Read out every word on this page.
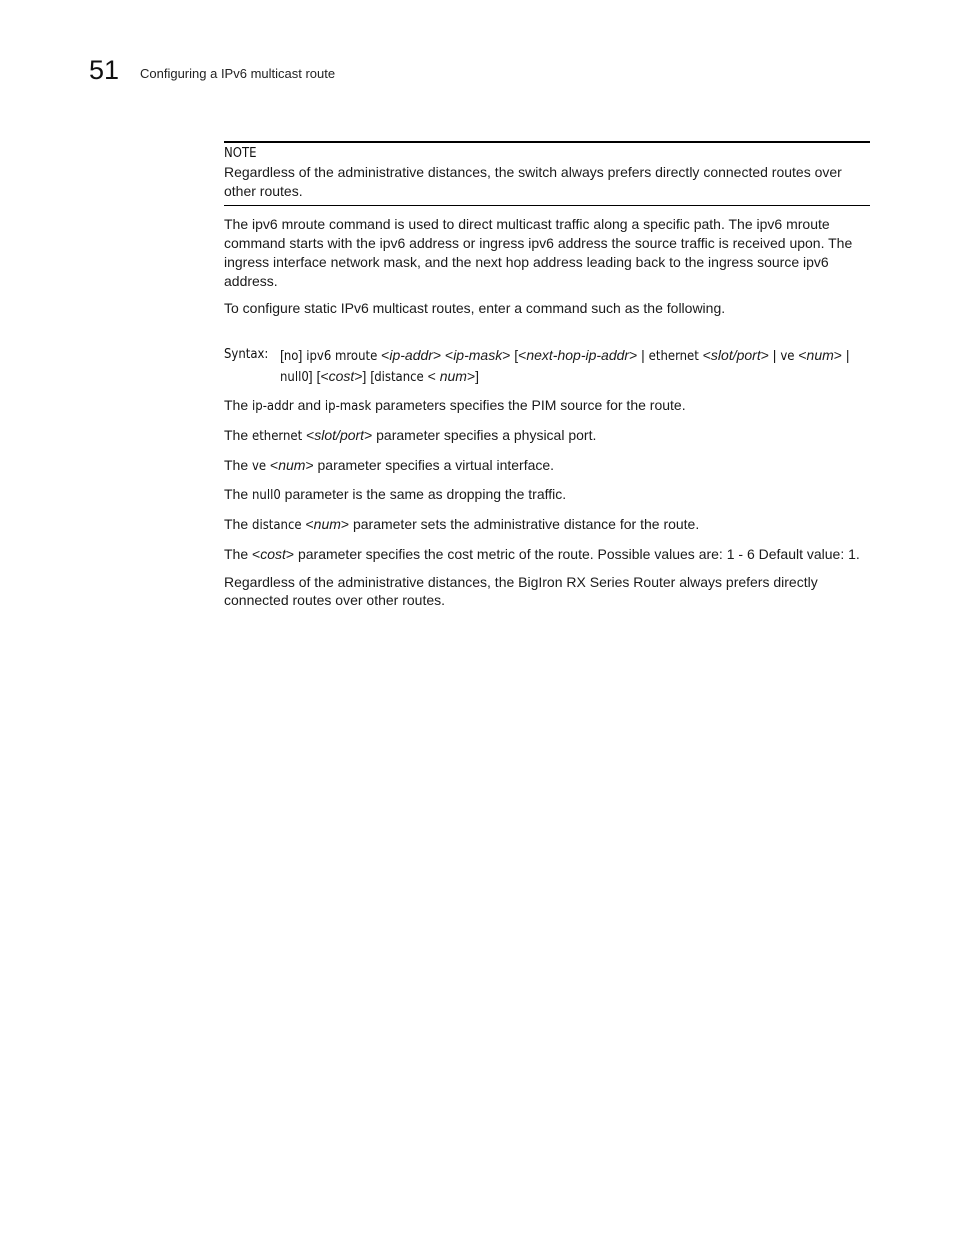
51 Configuring a IPv6 multicast route
NOTE

Regardless of the administrative distances, the switch always prefers directly connected routes over other routes.

The ipv6 mroute command is used to direct multicast traffic along a specific path. The ipv6 mroute command starts with the ipv6 address or ingress ipv6 address the source traffic is received upon. The ingress interface network mask, and the next hop address leading back to the ingress source ipv6 address.

To configure static IPv6 multicast routes, enter a command such as the following.

Syntax: [no] ipv6 mroute <ip-addr> <ip-mask> [<next-hop-ip-addr> | ethernet <slot/port> | ve <num> | null0] [<cost>] [distance < num>]

The ip-addr and ip-mask parameters specifies the PIM source for the route.

The ethernet <slot/port> parameter specifies a physical port.

The ve <num> parameter specifies a virtual interface.

The null0 parameter is the same as dropping the traffic.

The distance <num> parameter sets the administrative distance for the route.

The <cost> parameter specifies the cost metric of the route. Possible values are: 1 - 6 Default value: 1.

Regardless of the administrative distances, the BigIron RX Series Router always prefers directly connected routes over other routes.
